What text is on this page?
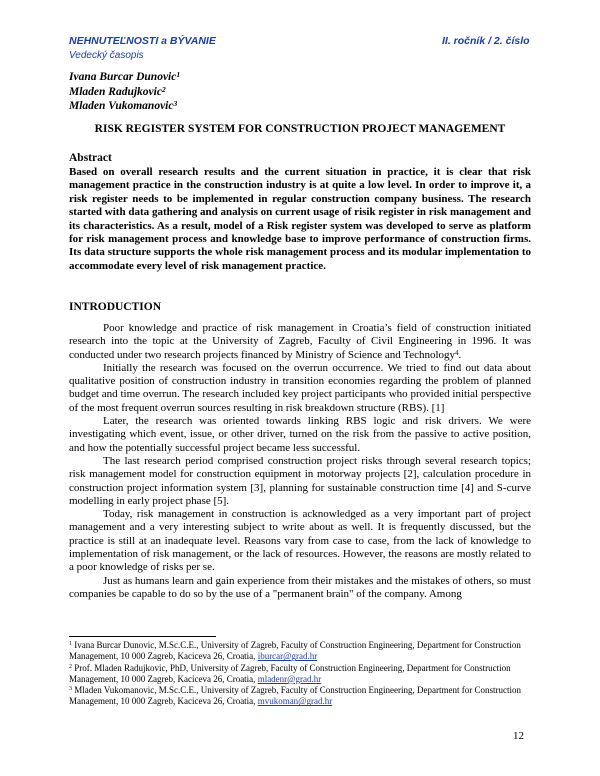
NEHNUTEĽNOSTI a BÝVANIE	II. ročník / 2. číslo
Vedecký časopis
Ivana Burcar Dunovic$^1$
Mladen Radujkovic$^2$
Mladen Vukomanovic$^3$
RISK REGISTER SYSTEM FOR CONSTRUCTION PROJECT MANAGEMENT
Abstract
Based on overall research results and the current situation in practice, it is clear that risk management practice in the construction industry is at quite a low level. In order to improve it, a risk register needs to be implemented in regular construction company business. The research started with data gathering and analysis on current usage of risik register in risk management and its characteristics. As a result, model of a Risk register system was developed to serve as platform for risk management process and knowledge base to improve performance of construction firms. Its data structure supports the whole risk management process and its modular implementation to accommodate every level of risk management practice.
INTRODUCTION

Poor knowledge and practice of risk management in Croatia’s field of construction initiated research into the topic at the University of Zagreb, Faculty of Civil Engineering in 1996. It was conducted under two research projects financed by Ministry of Science and Technology$^4$.

Initially the research was focused on the overrun occurrence. We tried to find out data about qualitative position of construction industry in transition economies regarding the problem of planned budget and time overrun. The research included key project participants who provided initial perspective of the most frequent overrun sources resulting in risk breakdown structure (RBS). [1]

Later, the research was oriented towards linking RBS logic and risk drivers. We were investigating which event, issue, or other driver, turned on the risk from the passive to active position, and how the potentially successful project became less successful.

The last research period comprised construction project risks through several research topics; risk management model for construction equipment in motorway projects [2], calculation procedure in construction project information system [3], planning for sustainable construction time [4] and S-curve modelling in early project phase [5].

Today, risk management in construction is acknowledged as a very important part of project management and a very interesting subject to write about as well. It is frequently discussed, but the practice is still at an inadequate level. Reasons vary from case to case, from the lack of knowledge to implementation of risk management, or the lack of resources. However, the reasons are mostly related to a poor knowledge of risks per se.

Just as humans learn and gain experience from their mistakes and the mistakes of others, so must companies be capable to do so by the use of a "permanent brain" of the company. Among

$^1$ Ivana Burcar Dunovic, M.Sc.C.E., University of Zagreb, Faculty of Construction Engineering, Department for Construction Management, 10 000 Zagreb, Kaciceva 26, Croatia, iburcar@grad.hr

$^2$ Prof. Mladen Radujkovic, PhD, University of Zagreb, Faculty of Construction Engineering, Department for Construction Management, 10 000 Zagreb, Kaciceva 26, Croatia, mladenr@grad.hr

$^3$ Mladen Vukomanovic, M.Sc.C.E., University of Zagreb, Faculty of Construction Engineering, Department for Construction Management, 10 000 Zagreb, Kaciceva 26, Croatia, mvukoman@grad.hr

12
